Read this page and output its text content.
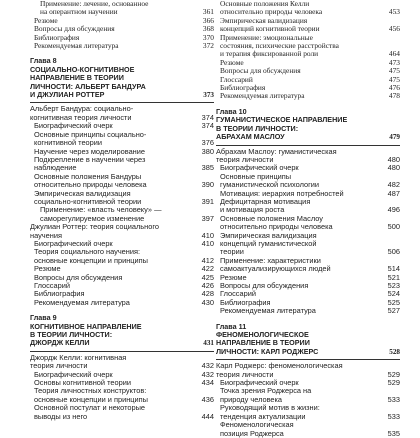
Применение: лечение, основанное
на оперантном научении	361
Резюме	366
Вопросы для обсуждения	368
Библиография	370
Рекомендуемая литература	372
Глава 8
СОЦИАЛЬНО-КОГНИТИВНОЕ
НАПРАВЛЕНИЕ В ТЕОРИИ
ЛИЧНОСТИ: АЛЬБЕРТ БАНДУРА
И ДЖУЛИАН РОТТЕР	373
Альберт Бандура: социально-
когнитивная теория личности	374
Биографический очерк	374
Основные принципы социально-
когнитивной теории	376
Научение через моделирование	380
Подкрепление в научении через
наблюдение	385
Основные положения Бандуры
относительно природы человека	390
Эмпирическая валидизация
социально-когнитивной теории	391
Применение: «власть человеку» —
саморегулируемое изменение	397
Джулиан Роттер: теория социального
научения	410
Биографический очерк	410
Теория социального научения:
основные концепции и принципы	412
Резюме	422
Вопросы для обсуждения	425
Глоссарий	426
Библиография	428
Рекомендуемая литература	430
Глава 9
КОГНИТИВНОЕ НАПРАВЛЕНИЕ
В ТЕОРИИ ЛИЧНОСТИ:
ДЖОРДЖ КЕЛЛИ	431
Джордж Келли: когнитивная
теория личности	432
Биографический очерк	432
Основы когнитивной теории	434
Теория личностных конструктов:
основные концепции и принципы	436
Основной постулат и некоторые
выводы из него	444
Основные положения Келли
относительно природы человека	453
Эмпирическая валидизация
концепций когнитивной теории	456
Применение: эмоциональные
состояния, психические расстройства
и терапия фиксированной роли	464
Резюме	473
Вопросы для обсуждения	475
Глоссарий	475
Библиография	476
Рекомендуемая литература	478
Глава 10
ГУМАНИСТИЧЕСКОЕ НАПРАВЛЕНИЕ
В ТЕОРИИ ЛИЧНОСТИ:
АБРАХАМ МАСЛОУ	479
Абрахам Маслоу: гуманистическая
теория личности	480
Биографический очерк	480
Основные принципы
гуманистической психологии	482
Мотивация: иерархия потребностей	487
Дефицитарная мотивация
и мотивация роста	496
Основные положения Маслоу
относительно природы человека	500
Эмпирическая валидизация
концепций гуманистической
теории	506
Применение: характеристики
самоактуализирующихся людей	514
Резюме	521
Вопросы для обсуждения	523
Глоссарий	524
Библиография	525
Рекомендуемая литература	527
Глава 11
ФЕНОМЕНОЛОГИЧЕСКОЕ
НАПРАВЛЕНИЕ В ТЕОРИИ
ЛИЧНОСТИ: КАРЛ РОДЖЕРС	528
Карл Роджерс: феноменологическая
теория личности	529
Биографический очерк	529
Точка зрения Роджерса на
природу человека	533
Руководящий мотив в жизни:
тенденция актуализации	533
Феноменологическая
позиция Роджерса	535
